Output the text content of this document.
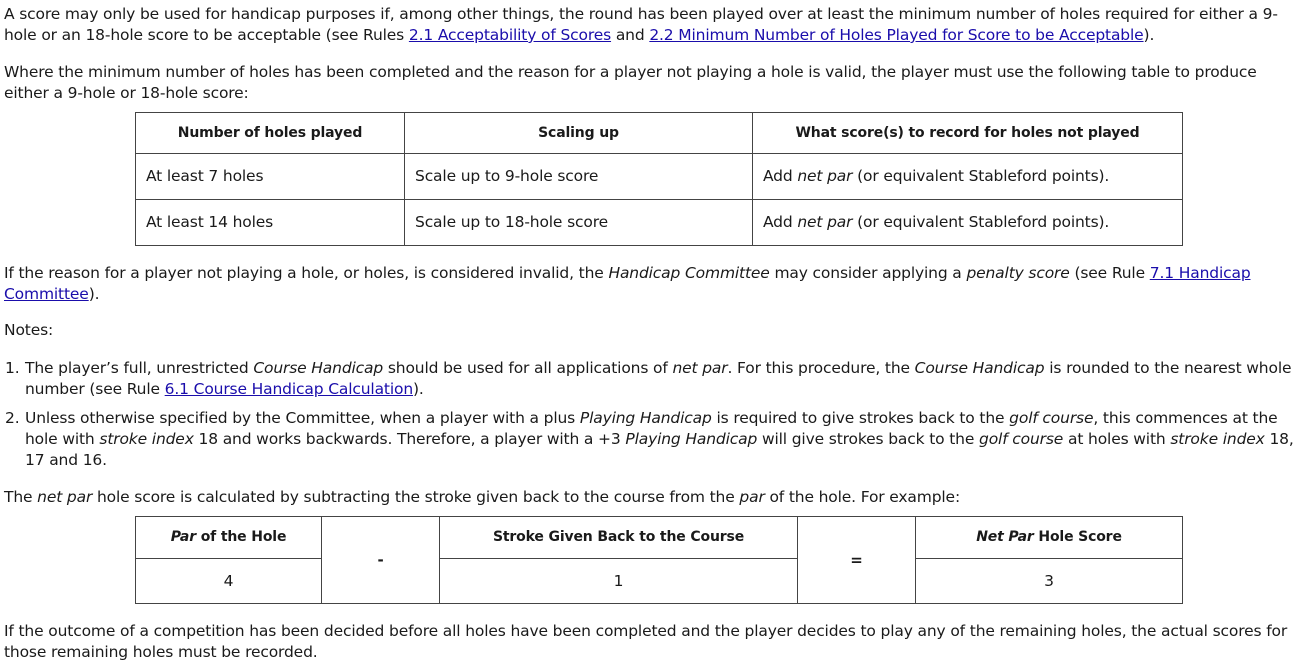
A score may only be used for handicap purposes if, among other things, the round has been played over at least the minimum number of holes required for either a 9-hole or an 18-hole score to be acceptable (see Rules 2.1 Acceptability of Scores and 2.2 Minimum Number of Holes Played for Score to be Acceptable).

Where the minimum number of holes has been completed and the reason for a player not playing a hole is valid, the player must use the following table to produce either a 9-hole or 18-hole score:

Number of holes played	Scaling up	What score(s) to record for holes not played
At least 7 holes	Scale up to 9-hole score	Add net par (or equivalent Stableford points).
At least 14 holes	Scale up to 18-hole score	Add net par (or equivalent Stableford points).

If the reason for a player not playing a hole, or holes, is considered invalid, the Handicap Committee may consider applying a penalty score (see Rule 7.1 Handicap Committee).

Notes:

1. The player’s full, unrestricted Course Handicap should be used for all applications of net par. For this procedure, the Course Handicap is rounded to the nearest whole number (see Rule 6.1 Course Handicap Calculation).
2. Unless otherwise specified by the Committee, when a player with a plus Playing Handicap is required to give strokes back to the golf course, this commences at the hole with stroke index 18 and works backwards. Therefore, a player with a +3 Playing Handicap will give strokes back to the golf course at holes with stroke index 18, 17 and 16.

The net par hole score is calculated by subtracting the stroke given back to the course from the par of the hole. For example:

Par of the Hole	-	Stroke Given Back to the Course	=	Net Par Hole Score
4		1		3

If the outcome of a competition has been decided before all holes have been completed and the player decides to play any of the remaining holes, the actual scores for those remaining holes must be recorded.
